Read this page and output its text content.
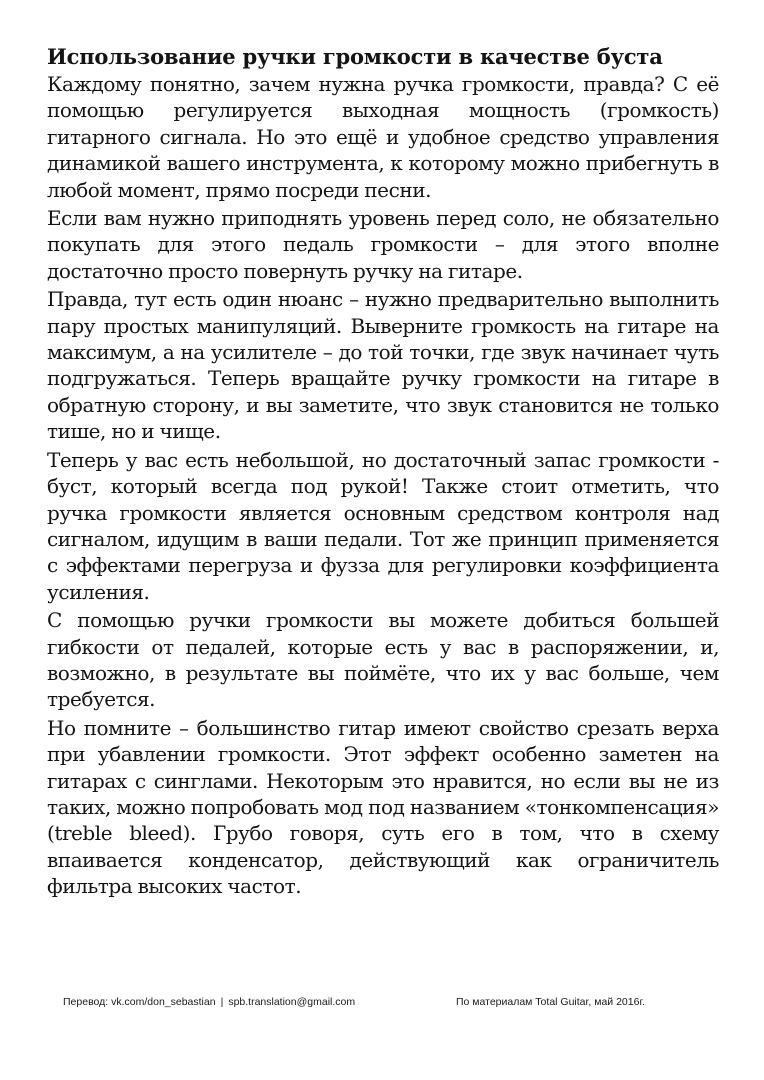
Использование ручки громкости в качестве буста

Каждому понятно, зачем нужна ручка громкости, правда? С её помощью регулируется выходная мощность (громкость) гитарного сигнала. Но это ещё и удобное средство управления динамикой вашего инструмента, к которому можно прибегнуть в любой момент, прямо посреди песни.

Если вам нужно приподнять уровень перед соло, не обязательно покупать для этого педаль громкости – для этого вполне достаточно просто повернуть ручку на гитаре.

Правда, тут есть один нюанс – нужно предварительно выполнить пару простых манипуляций. Выверните громкость на гитаре на максимум, а на усилителе – до той точки, где звук начинает чуть подгружаться. Теперь вращайте ручку громкости на гитаре в обратную сторону, и вы заметите, что звук становится не только тише, но и чище.

Теперь у вас есть небольшой, но достаточный запас громкости - буст, который всегда под рукой! Также стоит отметить, что ручка громкости является основным средством контроля над сигналом, идущим в ваши педали. Тот же принцип применяется с эффектами перегруза и фузза для регулировки коэффициента усиления.

С помощью ручки громкости вы можете добиться большей гибкости от педалей, которые есть у вас в распоряжении, и, возможно, в результате вы поймёте, что их у вас больше, чем требуется.

Но помните – большинство гитар имеют свойство срезать верха при убавлении громкости. Этот эффект особенно заметен на гитарах с синглами. Некоторым это нравится, но если вы не из таких, можно попробовать мод под названием «тонкомпенсация» (treble bleed). Грубо говоря, суть его в том, что в схему впаивается конденсатор, действующий как ограничитель фильтра высоких частот.

Перевод: vk.com/don_sebastian | spb.translation@gmail.com	По материалам Total Guitar, май 2016г.
